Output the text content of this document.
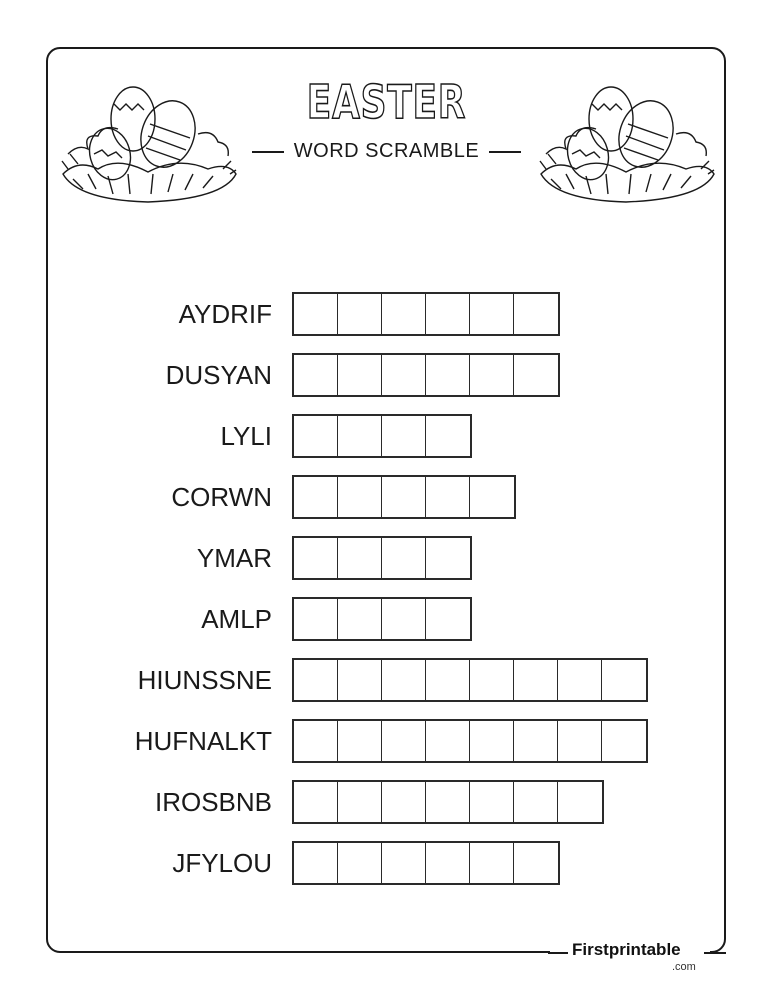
EASTER
WORD SCRAMBLE
AYDRIF
DUSYAN
LYLI
CORWN
YMAR
AMLP
HIUNSSNE
HUFNALKT
IROSBNB
JFYLOU
Firstprintable
.com
